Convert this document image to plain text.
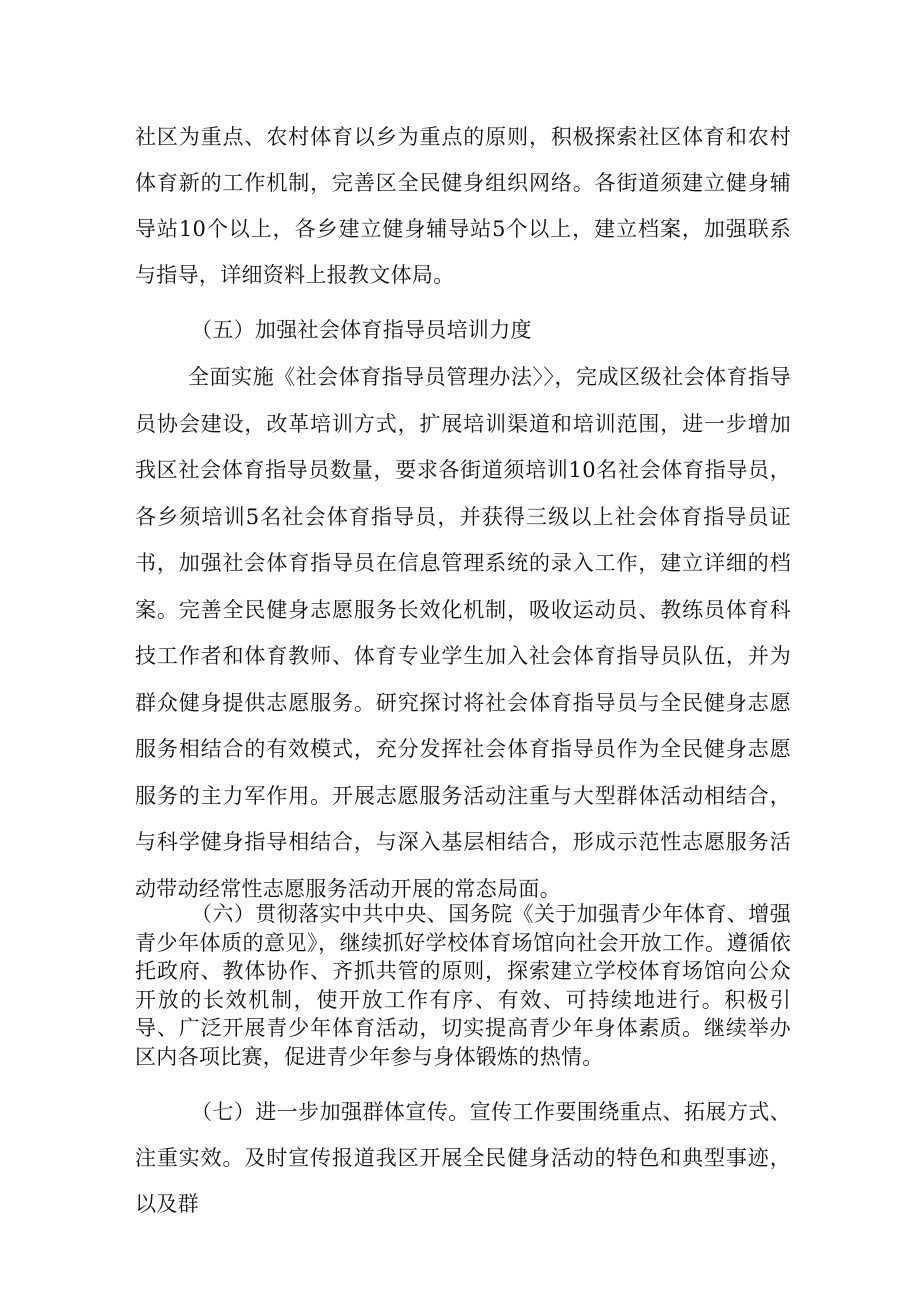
社区为重点、农村体育以乡为重点的原则，积极探索社区体育和农村体育新的工作机制，完善区全民健身组织网络。各街道须建立健身辅导站10个以上，各乡建立健身辅导站5个以上，建立档案，加强联系与指导，详细资料上报教文体局。

（五）加强社会体育指导员培训力度

全面实施《社会体育指导员管理办法〉〉，完成区级社会体育指导员协会建设，改革培训方式，扩展培训渠道和培训范围，进一步增加我区社会体育指导员数量，要求各街道须培训10名社会体育指导员，各乡须培训5名社会体育指导员，并获得三级以上社会体育指导员证书，加强社会体育指导员在信息管理系统的录入工作，建立详细的档案。完善全民健身志愿服务长效化机制，吸收运动员、教练员体育科技工作者和体育教师、体育专业学生加入社会体育指导员队伍，并为群众健身提供志愿服务。研究探讨将社会体育指导员与全民健身志愿服务相结合的有效模式，充分发挥社会体育指导员作为全民健身志愿服务的主力军作用。开展志愿服务活动注重与大型群体活动相结合，与科学健身指导相结合，与深入基层相结合，形成示范性志愿服务活动带动经常性志愿服务活动开展的常态局面。

（六）贯彻落实中共中央、国务院《关于加强青少年体育、增强青少年体质的意见》，继续抓好学校体育场馆向社会开放工作。遵循依托政府、教体协作、齐抓共管的原则，探索建立学校体育场馆向公众开放的长效机制，使开放工作有序、有效、可持续地进行。积极引导、广泛开展青少年体育活动，切实提高青少年身体素质。继续举办区内各项比赛，促进青少年参与身体锻炼的热情。

（七）进一步加强群体宣传。宣传工作要围绕重点、拓展方式、注重实效。及时宣传报道我区开展全民健身活动的特色和典型事迹，以及群
